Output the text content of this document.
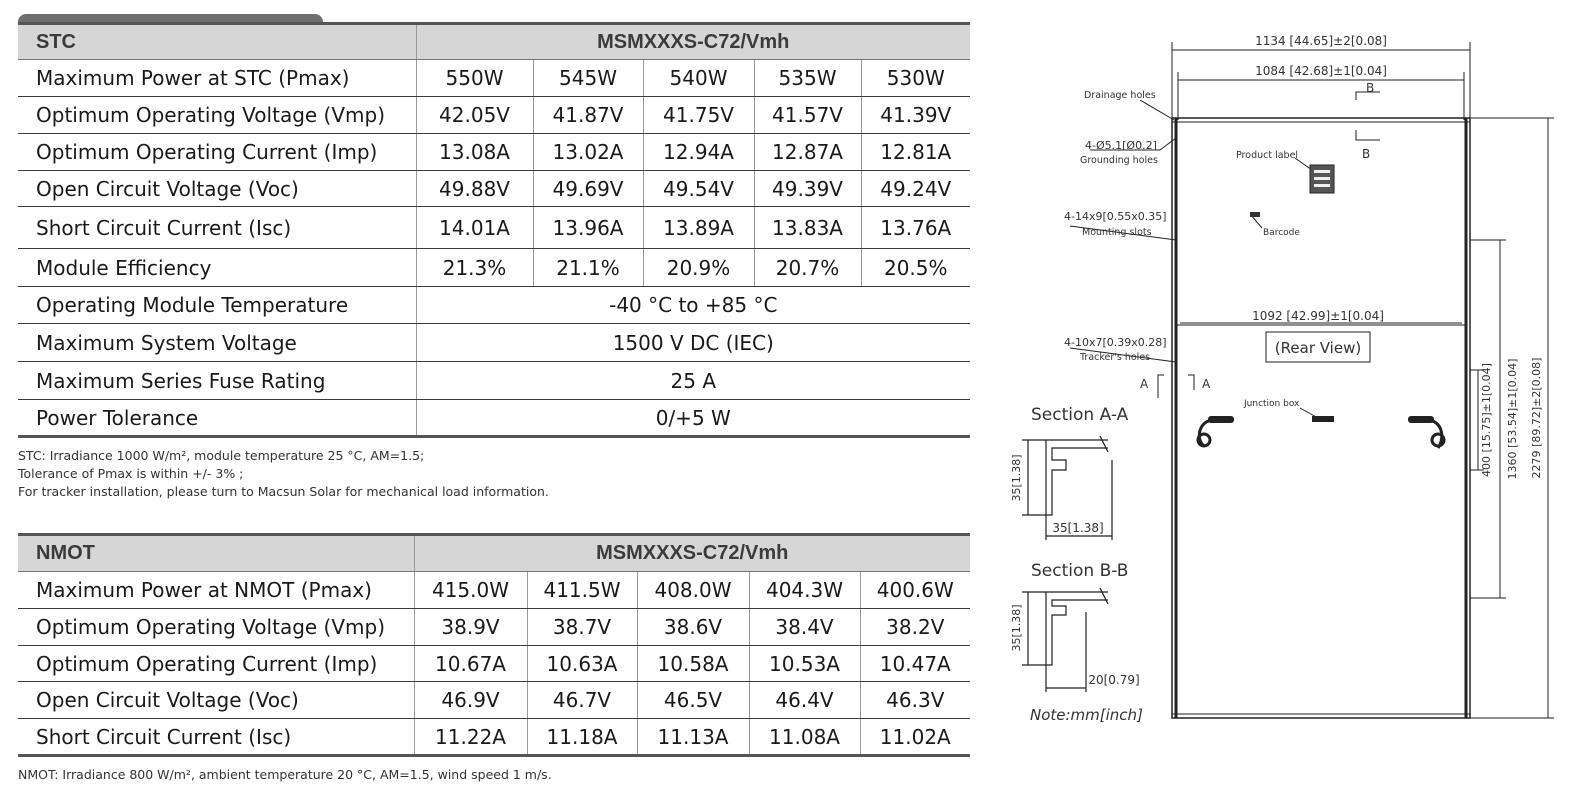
STC	MSMXXXS-C72/Vmh				
Maximum Power at STC (Pmax)	550W	545W	540W	535W	530W
Optimum Operating Voltage (Vmp)	42.05V	41.87V	41.75V	41.57V	41.39V
Optimum Operating Current (Imp)	13.08A	13.02A	12.94A	12.87A	12.81A
Open Circuit Voltage (Voc)	49.88V	49.69V	49.54V	49.39V	49.24V
Short Circuit Current (Isc)	14.01A	13.96A	13.89A	13.83A	13.76A
Module Efficiency	21.3%	21.1%	20.9%	20.7%	20.5%
Operating Module Temperature	-40 °C to +85 °C				
Maximum System Voltage	1500 V DC (IEC)				
Maximum Series Fuse Rating	25 A				
Power Tolerance	0/+5 W				
STC: Irradiance 1000 W/m², module temperature 25 °C, AM=1.5;
Tolerance of Pmax is within +/- 3% ;
For tracker installation, please turn to Macsun Solar for mechanical load information.
NMOT	MSMXXXS-C72/Vmh				
Maximum Power at NMOT (Pmax)	415.0W	411.5W	408.0W	404.3W	400.6W
Optimum Operating Voltage (Vmp)	38.9V	38.7V	38.6V	38.4V	38.2V
Optimum Operating Current (Imp)	10.67A	10.63A	10.58A	10.53A	10.47A
Open Circuit Voltage (Voc)	46.9V	46.7V	46.5V	46.4V	46.3V
Short Circuit Current (Isc)	11.22A	11.18A	11.13A	11.08A	11.02A
NMOT: Irradiance 800 W/m², ambient temperature 20 °C, AM=1.5, wind speed 1 m/s.
1134 [44.65]±2[0.08]
1084 [42.68]±1[0.04]
Drainage holes
B
B
4-Ø5.1[Ø0.2]
Grounding holes	Product label
Barcode
4-14x9[0.55x0.35]
Mounting slots
1092 [42.99]±1[0.04]
(Rear View)
4-10x7[0.39x0.28]
Tracker's holes
A	A
Junction box
Section A-A
35[1.38]
35[1.38]
Section B-B
35[1.38]
20[0.79]
Note:mm[inch]
400 [15.75]±1[0.04] 1360 [53.54]±1[0.04] 2279 [89.72]±2[0.08]
